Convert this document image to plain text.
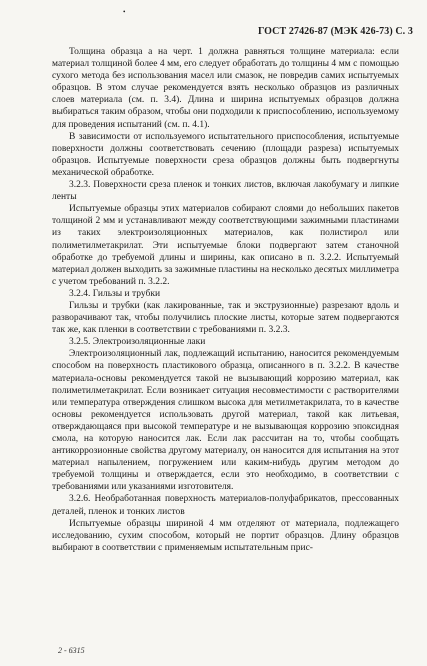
•
ГОСТ 27426-87 (МЭК 426-73) С. 3

Толщина образца a на черт. 1 должна равняться толщине материала: если материал толщиной более 4 мм, его следует обработать до толщины 4 мм с помощью сухого метода без использования масел или смазок, не повредив самих испытуемых образцов. В этом случае рекомендуется взять несколько образцов из различных слоев материала (см. п. 3.4). Длина и ширина испытуемых образцов должна выбираться таким образом, чтобы они подходили к приспособлению, используемому для проведения испытаний (см. п. 4.1).

В зависимости от используемого испытательного приспособления, испытуемые поверхности должны соответствовать сечению (площади разреза) испытуемых образцов. Испытуемые поверхности среза образцов должны быть подвергнуты механической обработке.

3.2.3. Поверхности среза пленок и тонких листов, включая лакобумагу и липкие ленты

Испытуемые образцы этих материалов собирают слоями до небольших пакетов толщиной 2 мм и устанавливают между соответствующими зажимными пластинами из таких электроизоляционных материалов, как полистирол или полиметилметакрилат. Эти испытуемые блоки подвергают затем станочной обработке до требуемой длины и ширины, как описано в п. 3.2.2. Испытуемый материал должен выходить за зажимные пластины на несколько десятых миллиметра с учетом требований п. 3.2.2.

3.2.4. Гильзы и трубки

Гильзы и трубки (как лакированные, так и экструзионные) разрезают вдоль и разворачивают так, чтобы получились плоские листы, которые затем подвергаются так же, как пленки в соответствии с требованиями п. 3.2.3.

3.2.5. Электроизоляционные лаки

Электроизоляционный лак, подлежащий испытанию, наносится рекомендуемым способом на поверхность пластикового образца, описанного в п. 3.2.2. В качестве материала-основы рекомендуется такой не вызывающий коррозию материал, как полиметилметакрилат. Если возникает ситуация несовместимости с растворителями или температура отверждения слишком высока для метилметакрилата, то в качестве основы рекомендуется использовать другой материал, такой как литьевая, отверждающаяся при высокой температуре и не вызывающая коррозию эпоксидная смола, на которую наносится лак. Если лак рассчитан на то, чтобы сообщать антикоррозионные свойства другому материалу, он наносится для испытания на этот материал напылением, погружением или каким-нибудь другим методом до требуемой толщины и отверждается, если это необходимо, в соответствии с требованиями или указаниями изготовителя.

3.2.6. Необработанная поверхность материалов-полуфабрикатов, прессованных деталей, пленок и тонких листов

Испытуемые образцы шириной 4 мм отделяют от материала, подлежащего исследованию, сухим способом, который не портит образцов. Длину образцов выбирают в соответствии с применяемым испытательным прис-

2 - 6315
